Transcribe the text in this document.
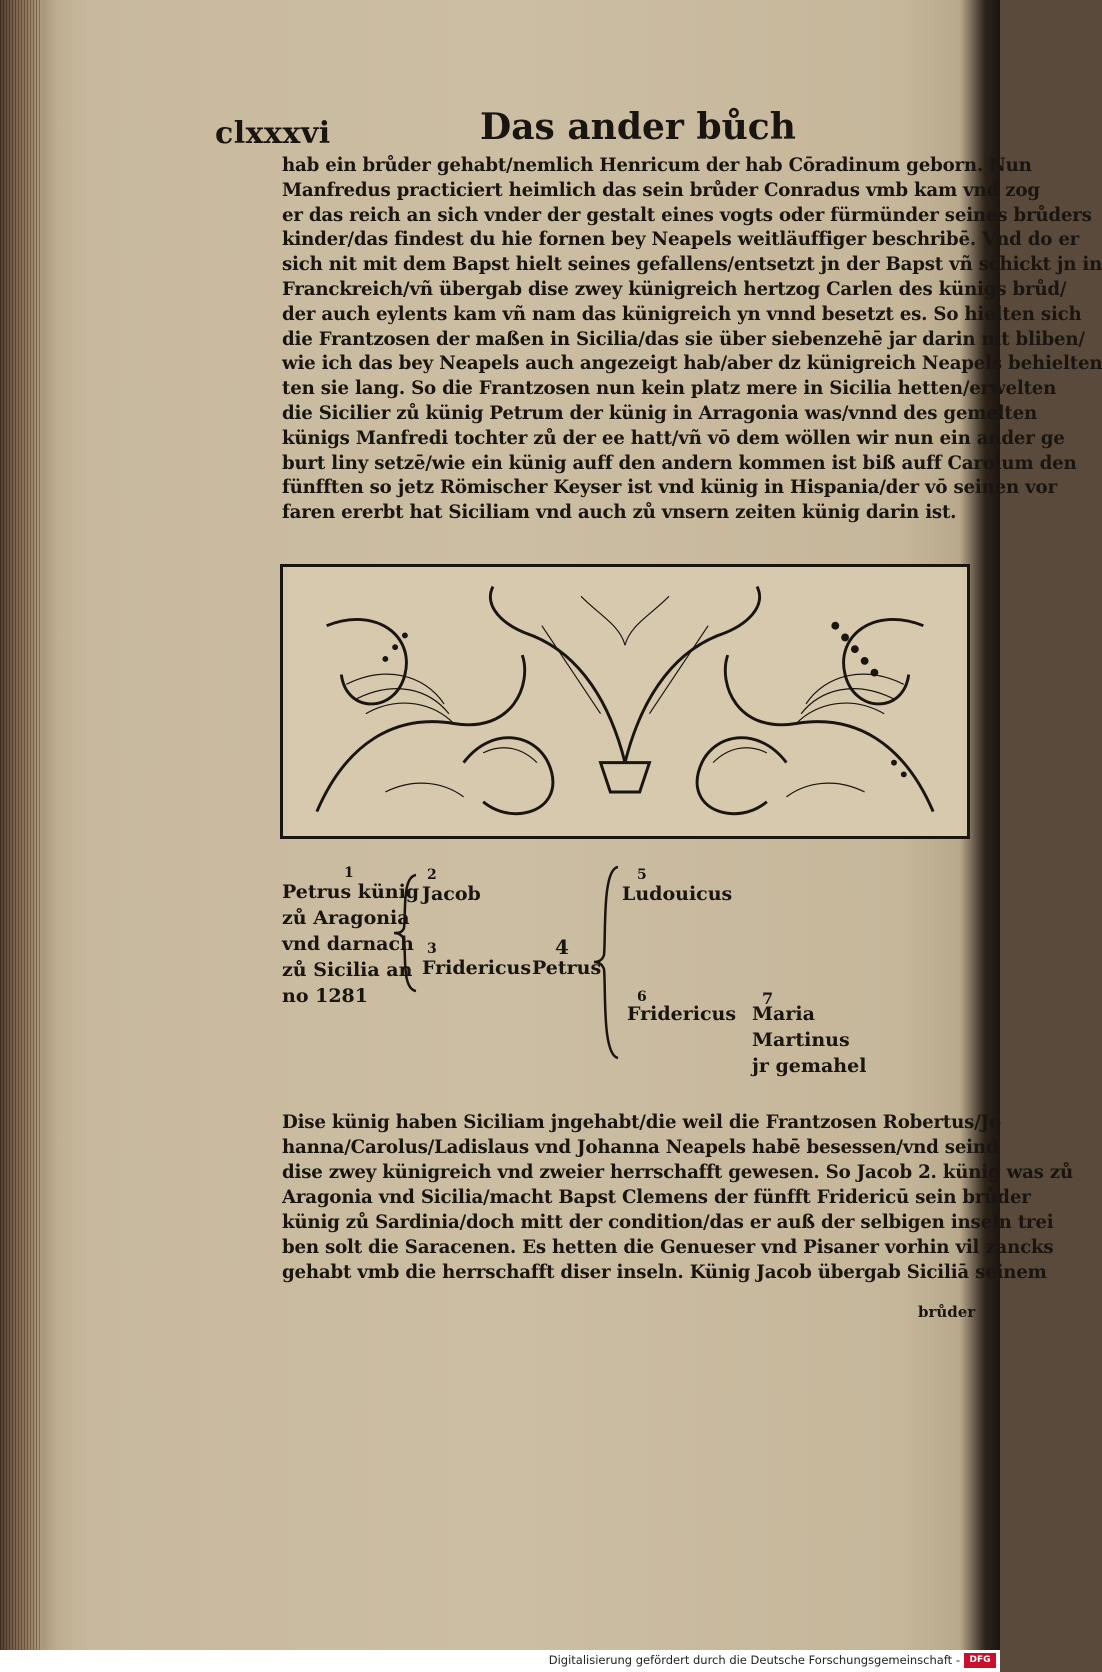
clxxxvi	Das ander bůch
hab ein brůder gehabt/nemlich Henricum der hab Cōradinum geborn. Nun
Manfredus practiciert heimlich das sein brůder Conradus vmb kam vnd zog
er das reich an sich vnder der gestalt eines vogts oder fürmünder seines brůders
kinder/das findest du hie fornen bey Neapels weitläuffiger beschribē. Vnd do er
sich nit mit dem Bapst hielt seines gefallens/entsetzt jn der Bapst vñ schickt jn in
Franckreich/vñ übergab dise zwey künigreich hertzog Carlen des künigs brůd/
der auch eylents kam vñ nam das künigreich yn vnnd besetzt es. So hielten sich
die Frantzosen der maßen in Sicilia/das sie über siebenzehē jar darin nit bliben/
wie ich das bey Neapels auch angezeigt hab/aber dz künigreich Neapels behielten
ten sie lang. So die Frantzosen nun kein platz mere in Sicilia hetten/erwelten
die Sicilier zů künig Petrum der künig in Arragonia was/vnnd des gemelten
künigs Manfredi tochter zů der ee hatt/vñ vō dem wöllen wir nun ein ander ge
burt liny setzē/wie ein künig auff den andern kommen ist biß auff Carolum den
fünfften so jetz Römischer Keyser ist vnd künig in Hispania/der vō seinen vor
faren ererbt hat Siciliam vnd auch zů vnsern zeiten künig darin ist.
1
Petrus künig
zů Aragonia
vnd darnach
zů Sicilia an
no 1281
2
Jacob
3
Fridericus
4
Petrus
5
Ludouicus
6
Fridericus
7
Maria
Martinus
jr gemahel
Dise künig haben Siciliam jngehabt/die weil die Frantzosen Robertus/Jo
hanna/Carolus/Ladislaus vnd Johanna Neapels habē besessen/vnd seind
dise zwey künigreich vnd zweier herrschafft gewesen. So Jacob 2. künig was zů
Aragonia vnd Sicilia/macht Bapst Clemens der fünfft Fridericū sein brůder
künig zů Sardinia/doch mitt der condition/das er auß der selbigen inseln trei
ben solt die Saracenen. Es hetten die Genueser vnd Pisaner vorhin vil zancks
gehabt vmb die herrschafft diser inseln. Künig Jacob übergab Siciliā seinem
brůder
Digitalisierung gefördert durch die Deutsche Forschungsgemeinschaft -	DFG
